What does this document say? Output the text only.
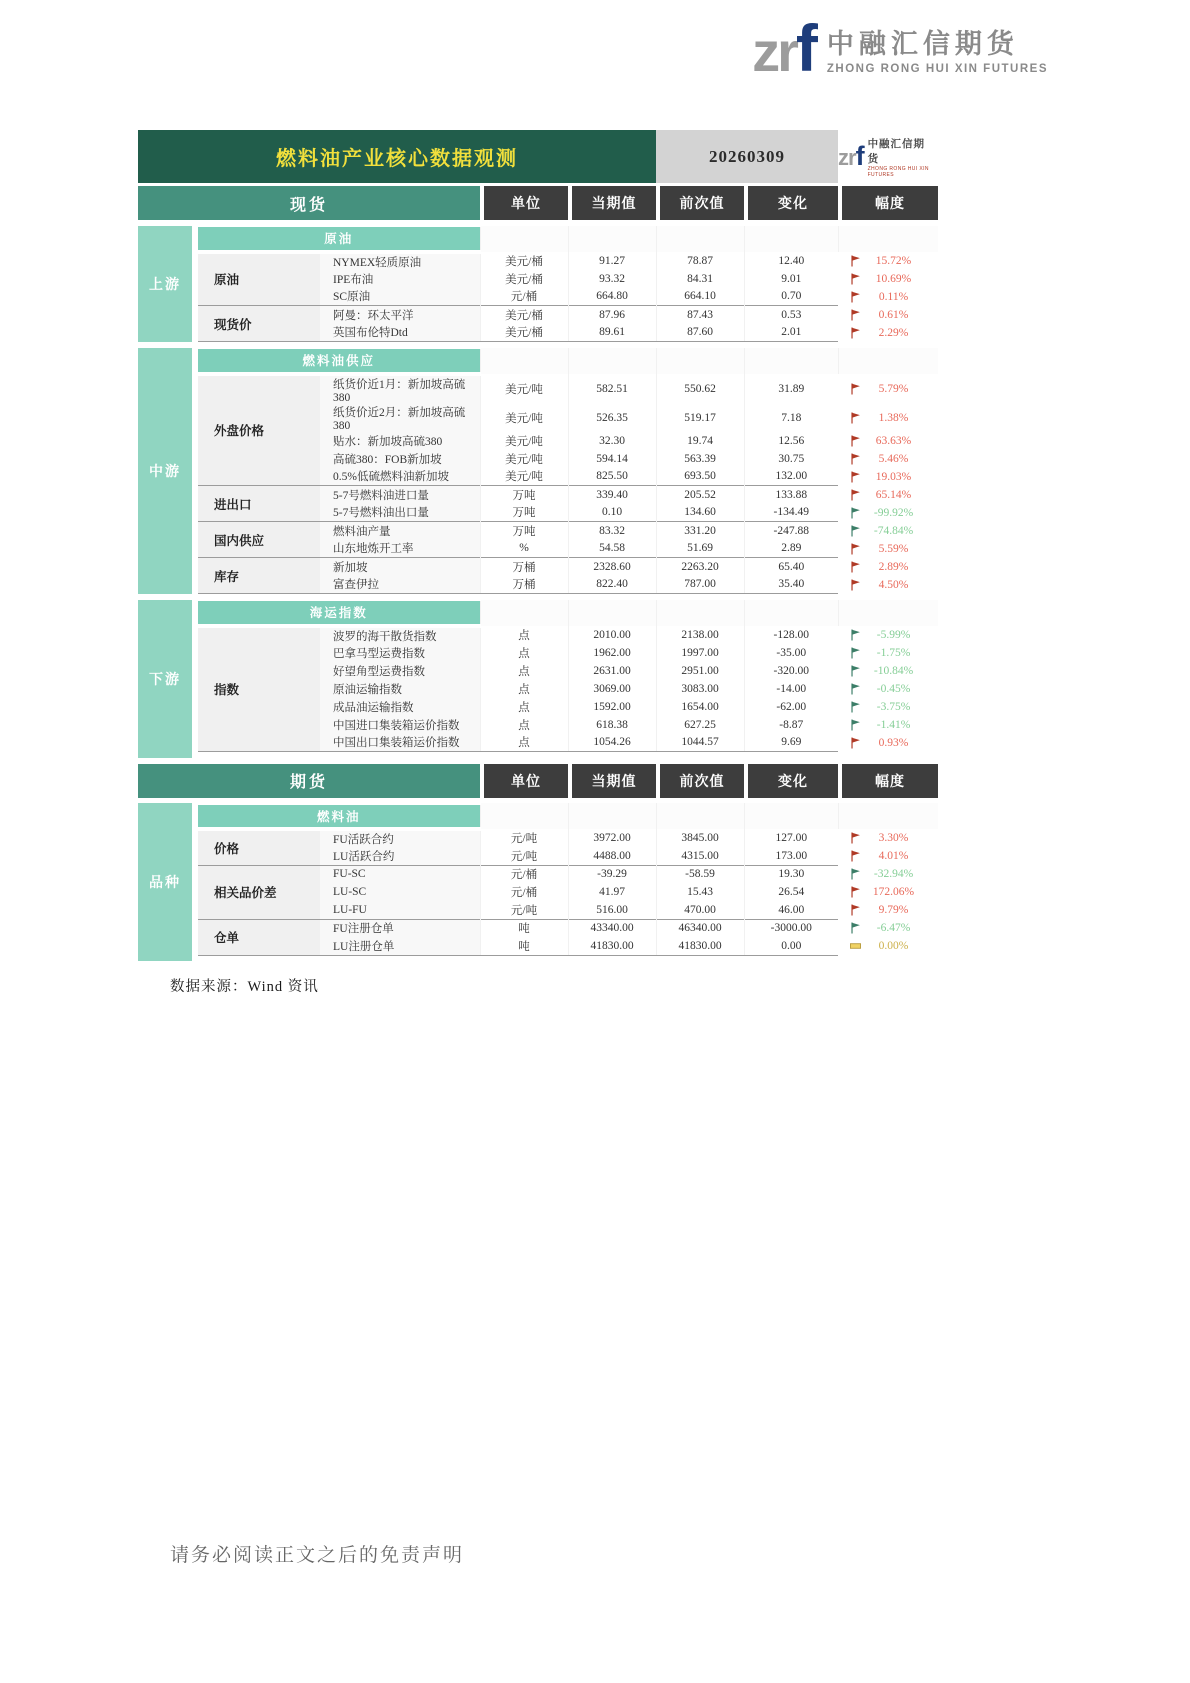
zrf 中融汇信期货
ZHONG RONG HUI XIN FUTURES
燃料油产业核心数据观测	20260309	zrf 中融汇信期货
ZHONG RONG HUI XIN FUTURES
现货	单位	当期值	前次值	变化	幅度
上游	原油						
	原油	NYMEX轻质原油	美元/桶	91.27	78.87	12.40	15.72%

		IPE布油	美元/桶	93.32	84.31	9.01	10.69%

		SC原油	元/桶	664.80	664.10	0.70	0.11%

	现货价	阿曼：环太平洋	美元/桶	87.96	87.43	0.53	0.61%

		英国布伦特Dtd	美元/桶	89.61	87.60	2.01	2.29%
中游	燃料油供应						
	外盘价格	纸货价近1月：新加坡高硫380	美元/吨	582.51	550.62	31.89	5.79%

		纸货价近2月：新加坡高硫380	美元/吨	526.35	519.17	7.18	1.38%

		贴水：新加坡高硫380	美元/吨	32.30	19.74	12.56	63.63%

		高硫380：FOB新加坡	美元/吨	594.14	563.39	30.75	5.46%

		0.5%低硫燃料油新加坡	美元/吨	825.50	693.50	132.00	19.03%

	进出口	5-7号燃料油进口量	万吨	339.40	205.52	133.88	65.14%

		5-7号燃料油出口量	万吨	0.10	134.60	-134.49	-99.92%

	国内供应	燃料油产量	万吨	83.32	331.20	-247.88	-74.84%

		山东地炼开工率	%	54.58	51.69	2.89	5.59%

	库存	新加坡	万桶	2328.60	2263.20	65.40	2.89%

		富查伊拉	万桶	822.40	787.00	35.40	4.50%
下游	海运指数						
	指数	波罗的海干散货指数	点	2010.00	2138.00	-128.00	-5.99%

		巴拿马型运费指数	点	1962.00	1997.00	-35.00	-1.75%

		好望角型运费指数	点	2631.00	2951.00	-320.00	-10.84%

		原油运输指数	点	3069.00	3083.00	-14.00	-0.45%

		成品油运输指数	点	1592.00	1654.00	-62.00	-3.75%

		中国进口集装箱运价指数	点	618.38	627.25	-8.87	-1.41%

		中国出口集装箱运价指数	点	1054.26	1044.57	9.69	0.93%

期货	单位	当期值	前次值	变化	幅度
品种	燃料油						
	价格	FU活跃合约	元/吨	3972.00	3845.00	127.00	3.30%

		LU活跃合约	元/吨	4488.00	4315.00	173.00	4.01%

	相关品价差	FU-SC	元/桶	-39.29	-58.59	19.30	-32.94%

		LU-SC	元/桶	41.97	15.43	26.54	172.06%

		LU-FU	元/吨	516.00	470.00	46.00	9.79%

	仓单	FU注册仓单	吨	43340.00	46340.00	-3000.00	-6.47%

		LU注册仓单	吨	41830.00	41830.00	0.00	0.00%

数据来源：Wind 资讯
请务必阅读正文之后的免责声明
